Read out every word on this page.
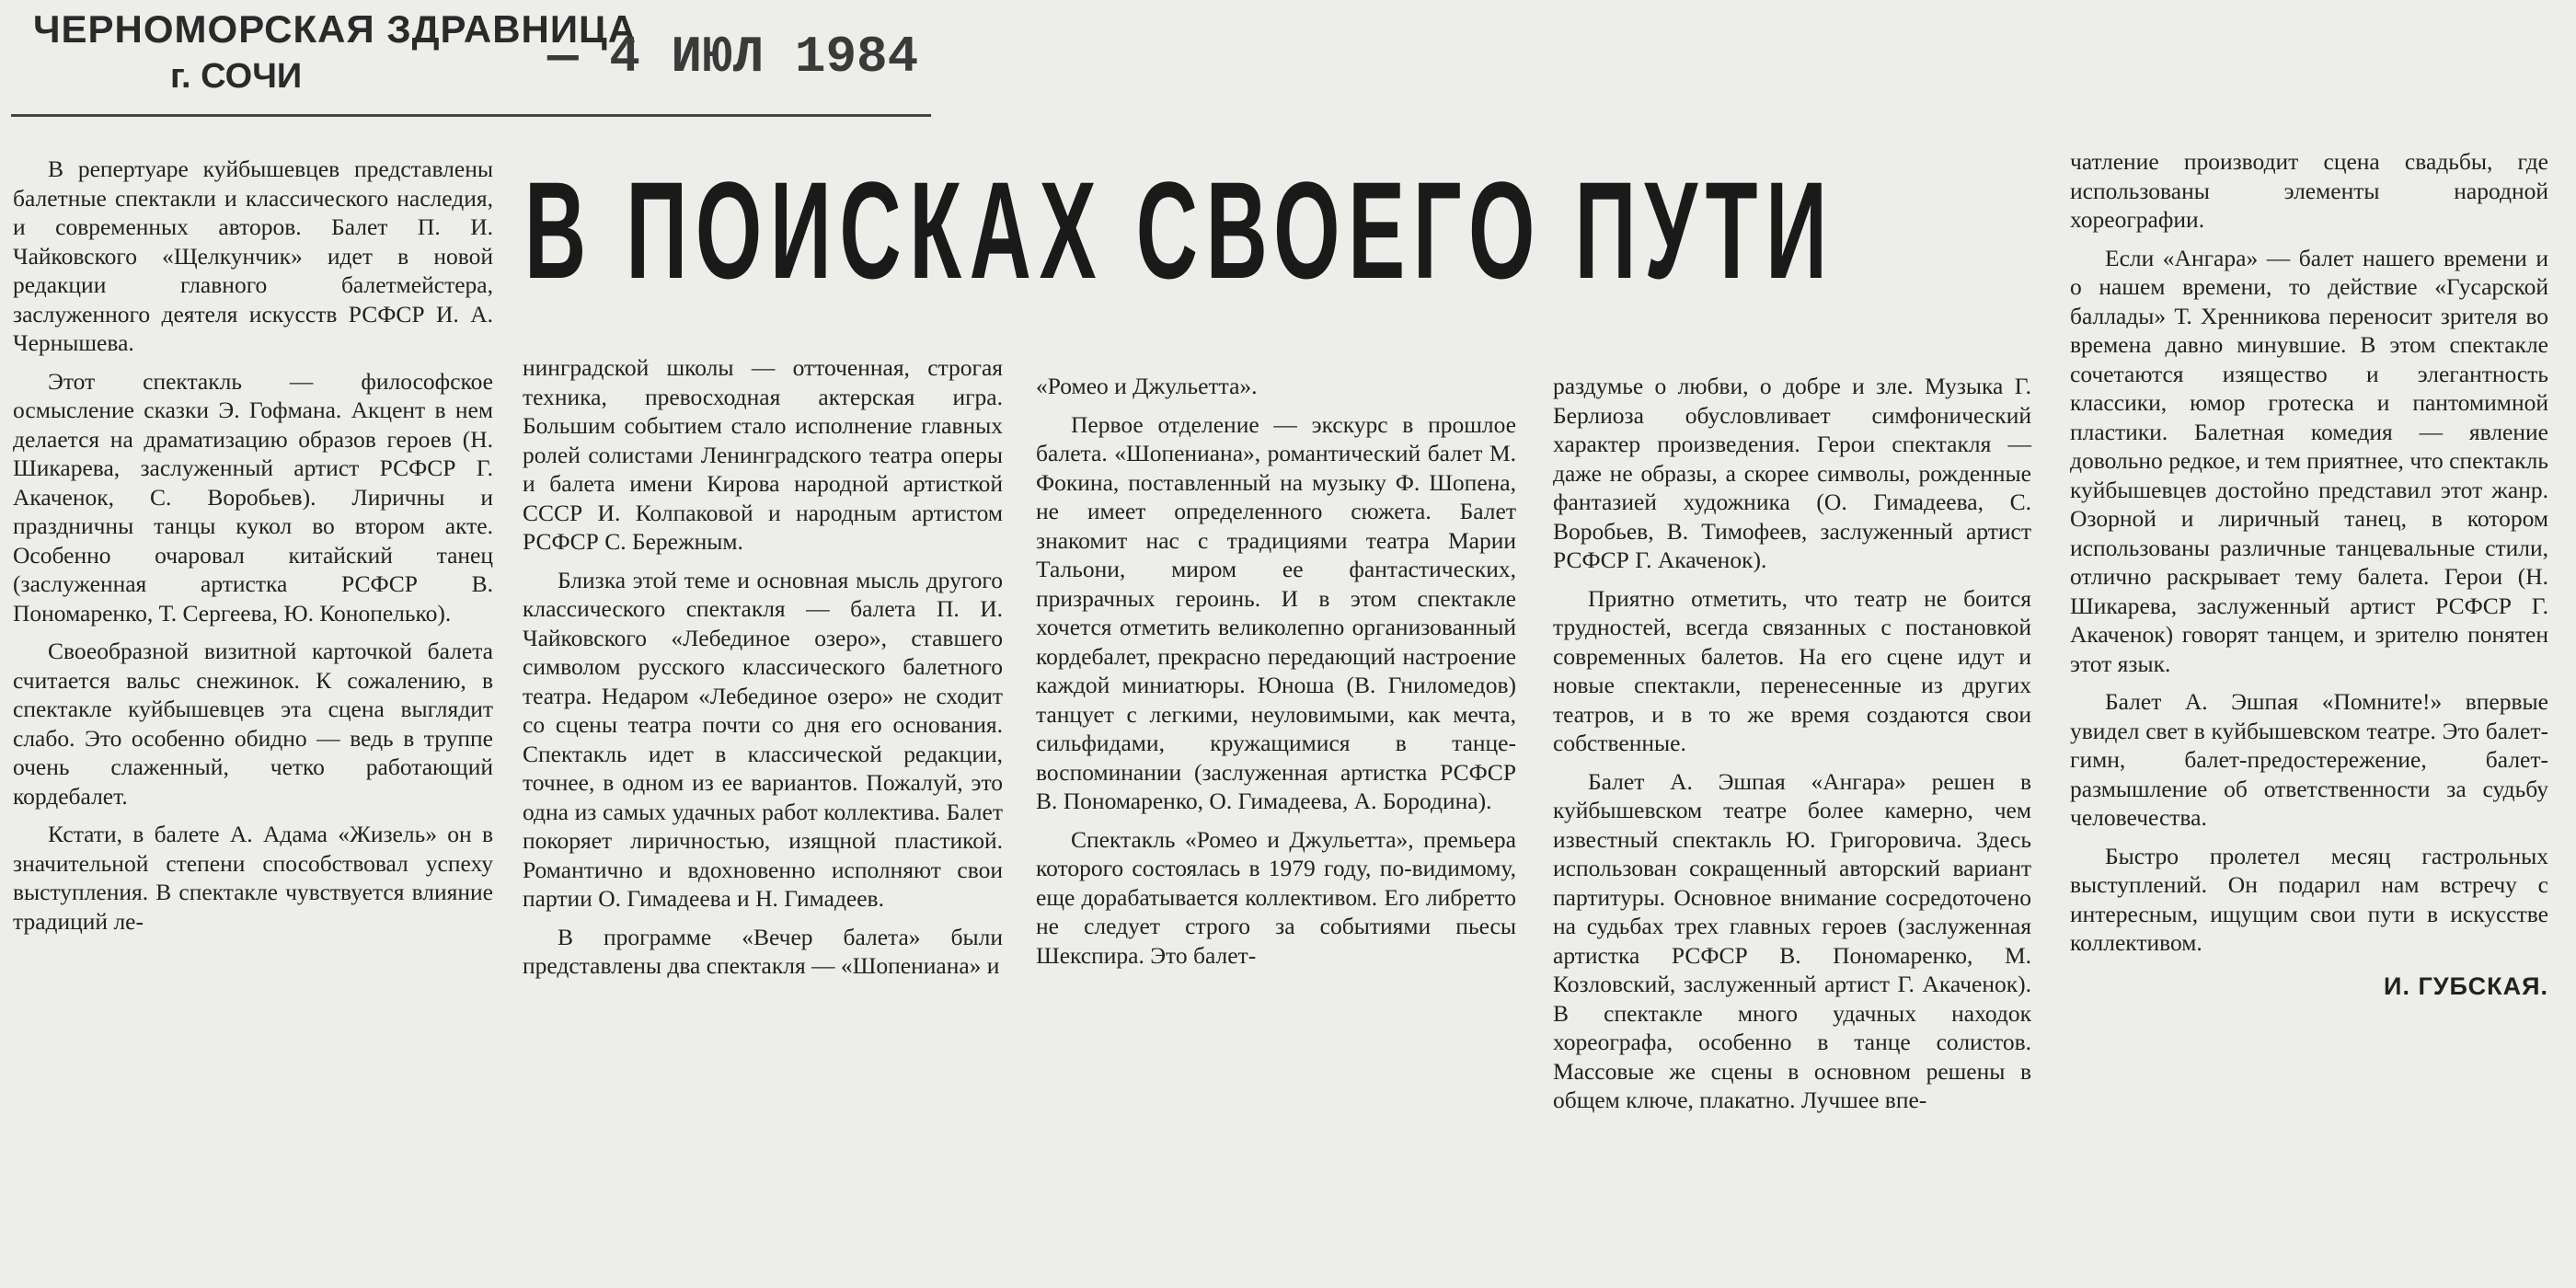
ЧЕРНОМОРСКАЯ ЗДРАВНИЦА
г. СОЧИ	— 4 ИЮЛ 1984
В ПОИСКАХ СВОЕГО ПУТИ

В репертуаре куйбышевцев представлены балетные спектакли и классического наследия, и современных авторов. Балет П. И. Чайковского «Щелкунчик» идет в новой редакции главного балетмейстера, заслуженного деятеля искусств РСФСР И. А. Чернышева.

Этот спектакль — философское осмысление сказки Э. Гофмана. Акцент в нем делается на драматизацию образов героев (Н. Шикарева, заслуженный артист РСФСР Г. Акаченок, С. Воробьев). Лиричны и праздничны танцы кукол во втором акте. Особенно очаровал китайский танец (заслуженная артистка РСФСР В. Пономаренко, Т. Сергеева, Ю. Конопелько).

Своеобразной визитной карточкой балета считается вальс снежинок. К сожалению, в спектакле куйбышевцев эта сцена выглядит слабо. Это особенно обидно — ведь в труппе очень слаженный, четко работающий кордебалет.

Кстати, в балете А. Адама «Жизель» он в значительной степени способствовал успеху выступления. В спектакле чувствуется влияние традиций ле-

нинградской школы — отточенная, строгая техника, превосходная актерская игра. Большим событием стало исполнение главных ролей солистами Ленинградского театра оперы и балета имени Кирова народной артисткой СССР И. Колпаковой и народным артистом РСФСР С. Бережным.

Близка этой теме и основная мысль другого классического спектакля — балета П. И. Чайковского «Лебединое озеро», ставшего символом русского классического балетного театра. Недаром «Лебединое озеро» не сходит со сцены театра почти со дня его основания. Спектакль идет в классической редакции, точнее, в одном из ее вариантов. Пожалуй, это одна из самых удачных работ коллектива. Балет покоряет лиричностью, изящной пластикой. Романтично и вдохновенно исполняют свои партии О. Гимадеева и Н. Гимадеев.

В программе «Вечер балета» были представлены два спектакля — «Шопениана» и

«Ромео и Джульетта».

Первое отделение — экскурс в прошлое балета. «Шопениана», романтический балет М. Фокина, поставленный на музыку Ф. Шопена, не имеет определенного сюжета. Балет знакомит нас с традициями театра Марии Тальони, миром ее фантастических, призрачных героинь. И в этом спектакле хочется отметить великолепно организованный кордебалет, прекрасно передающий настроение каждой миниатюры. Юноша (В. Гниломедов) танцует с легкими, неуловимыми, как мечта, сильфидами, кружащимися в танце-воспоминании (заслуженная артистка РСФСР В. Пономаренко, О. Гимадеева, А. Бородина).

Спектакль «Ромео и Джульетта», премьера которого состоялась в 1979 году, по-видимому, еще дорабатывается коллективом. Его либретто не следует строго за событиями пьесы Шекспира. Это балет-

раздумье о любви, о добре и зле. Музыка Г. Берлиоза обусловливает симфонический характер произведения. Герои спектакля — даже не образы, а скорее символы, рожденные фантазией художника (О. Гимадеева, С. Воробьев, В. Тимофеев, заслуженный артист РСФСР Г. Акаченок).

Приятно отметить, что театр не боится трудностей, всегда связанных с постановкой современных балетов. На его сцене идут и новые спектакли, перенесенные из других театров, и в то же время создаются свои собственные.

Балет А. Эшпая «Ангара» решен в куйбышевском театре более камерно, чем известный спектакль Ю. Григоровича. Здесь использован сокращенный авторский вариант партитуры. Основное внимание сосредоточено на судьбах трех главных героев (заслуженная артистка РСФСР В. Пономаренко, М. Козловский, заслуженный артист Г. Акаченок). В спектакле много удачных находок хореографа, особенно в танце солистов. Массовые же сцены в основном решены в общем ключе, плакатно. Лучшее впе-

чатление производит сцена свадьбы, где использованы элементы народной хореографии.

Если «Ангара» — балет нашего времени и о нашем времени, то действие «Гусарской баллады» Т. Хренникова переносит зрителя во времена давно минувшие. В этом спектакле сочетаются изящество и элегантность классики, юмор гротеска и пантомимной пластики. Балетная комедия — явление довольно редкое, и тем приятнее, что спектакль куйбышевцев достойно представил этот жанр. Озорной и лиричный танец, в котором использованы различные танцевальные стили, отлично раскрывает тему балета. Герои (Н. Шикарева, заслуженный артист РСФСР Г. Акаченок) говорят танцем, и зрителю понятен этот язык.

Балет А. Эшпая «Помните!» впервые увидел свет в куйбышевском театре. Это балет-гимн, балет-предостережение, балет-размышление об ответственности за судьбу человечества.

Быстро пролетел месяц гастрольных выступлений. Он подарил нам встречу с интересным, ищущим свои пути в искусстве коллективом.

И. ГУБСКАЯ.
